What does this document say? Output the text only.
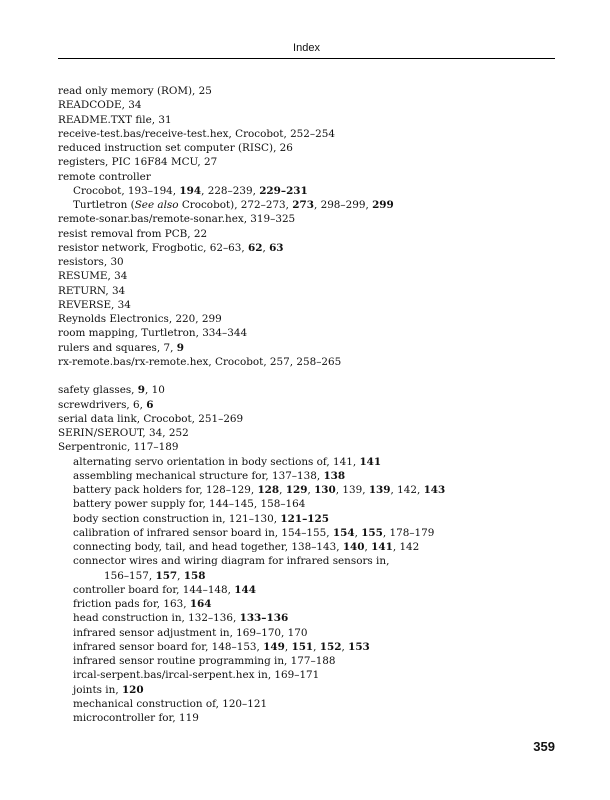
Index
read only memory (ROM), 25
READCODE, 34
README.TXT file, 31
receive-test.bas/receive-test.hex, Crocobot, 252–254
reduced instruction set computer (RISC), 26
registers, PIC 16F84 MCU, 27
remote controller
Crocobot, 193–194, 194, 228–239, 229–231
Turtletron (See also Crocobot), 272–273, 273, 298–299, 299
remote-sonar.bas/remote-sonar.hex, 319–325
resist removal from PCB, 22
resistor network, Frogbotic, 62–63, 62, 63
resistors, 30
RESUME, 34
RETURN, 34
REVERSE, 34
Reynolds Electronics, 220, 299
room mapping, Turtletron, 334–344
rulers and squares, 7, 9
rx-remote.bas/rx-remote.hex, Crocobot, 257, 258–265
safety glasses, 9, 10
screwdrivers, 6, 6
serial data link, Crocobot, 251–269
SERIN/SEROUT, 34, 252
Serpentronic, 117–189
alternating servo orientation in body sections of, 141, 141
assembling mechanical structure for, 137–138, 138
battery pack holders for, 128–129, 128, 129, 130, 139, 139, 142, 143
battery power supply for, 144–145, 158–164
body section construction in, 121–130, 121–125
calibration of infrared sensor board in, 154–155, 154, 155, 178–179
connecting body, tail, and head together, 138–143, 140, 141, 142
connector wires and wiring diagram for infrared sensors in,
156–157, 157, 158
controller board for, 144–148, 144
friction pads for, 163, 164
head construction in, 132–136, 133–136
infrared sensor adjustment in, 169–170, 170
infrared sensor board for, 148–153, 149, 151, 152, 153
infrared sensor routine programming in, 177–188
ircal-serpent.bas/ircal-serpent.hex in, 169–171
joints in, 120
mechanical construction of, 120–121
microcontroller for, 119
359
